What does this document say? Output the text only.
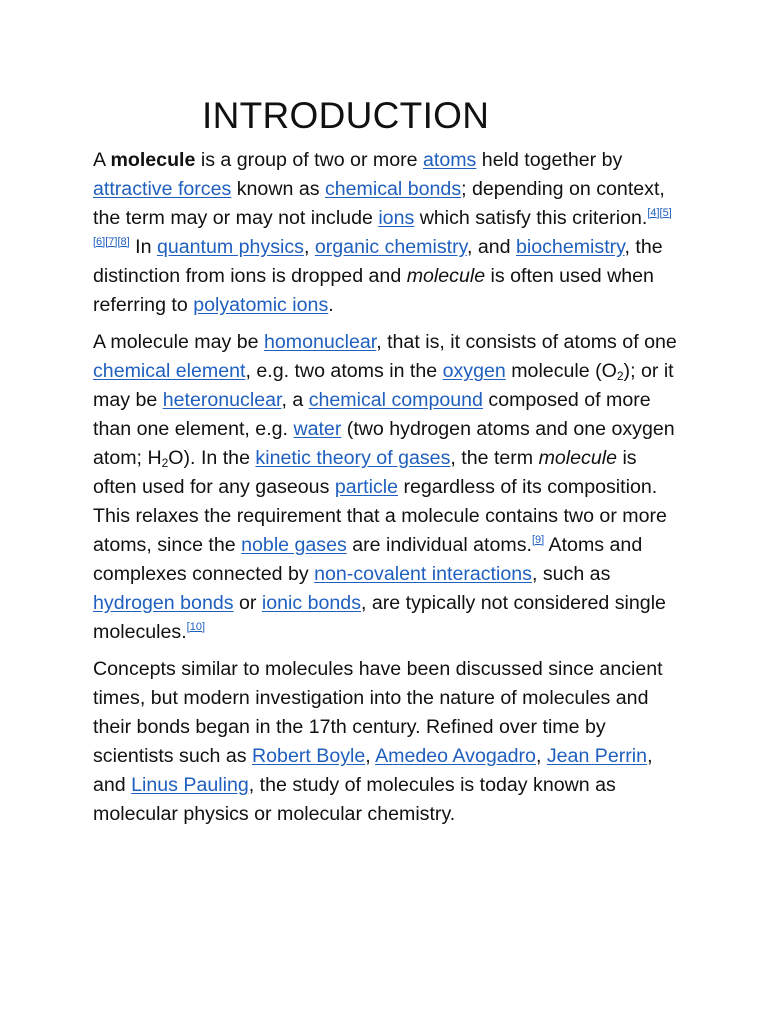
INTRODUCTION

A molecule is a group of two or more atoms held together by attractive forces known as chemical bonds; depending on context, the term may or may not include ions which satisfy this criterion.[4][5][6][7][8] In quantum physics, organic chemistry, and biochemistry, the distinction from ions is dropped and molecule is often used when referring to polyatomic ions.

A molecule may be homonuclear, that is, it consists of atoms of one chemical element, e.g. two atoms in the oxygen molecule $(O_2)$; or it may be heteronuclear, a chemical compound composed of more than one element, e.g. water (two hydrogen atoms and one oxygen atom; $H_2O$). In the kinetic theory of gases, the term molecule is often used for any gaseous particle regardless of its composition. This relaxes the requirement that a molecule contains two or more atoms, since the noble gases are individual atoms.[9] Atoms and complexes connected by non-covalent interactions, such as hydrogen bonds or ionic bonds, are typically not considered single molecules.[10]

Concepts similar to molecules have been discussed since ancient times, but modern investigation into the nature of molecules and their bonds began in the 17th century. Refined over time by scientists such as Robert Boyle, Amedeo Avogadro, Jean Perrin, and Linus Pauling, the study of molecules is today known as molecular physics or molecular chemistry.
